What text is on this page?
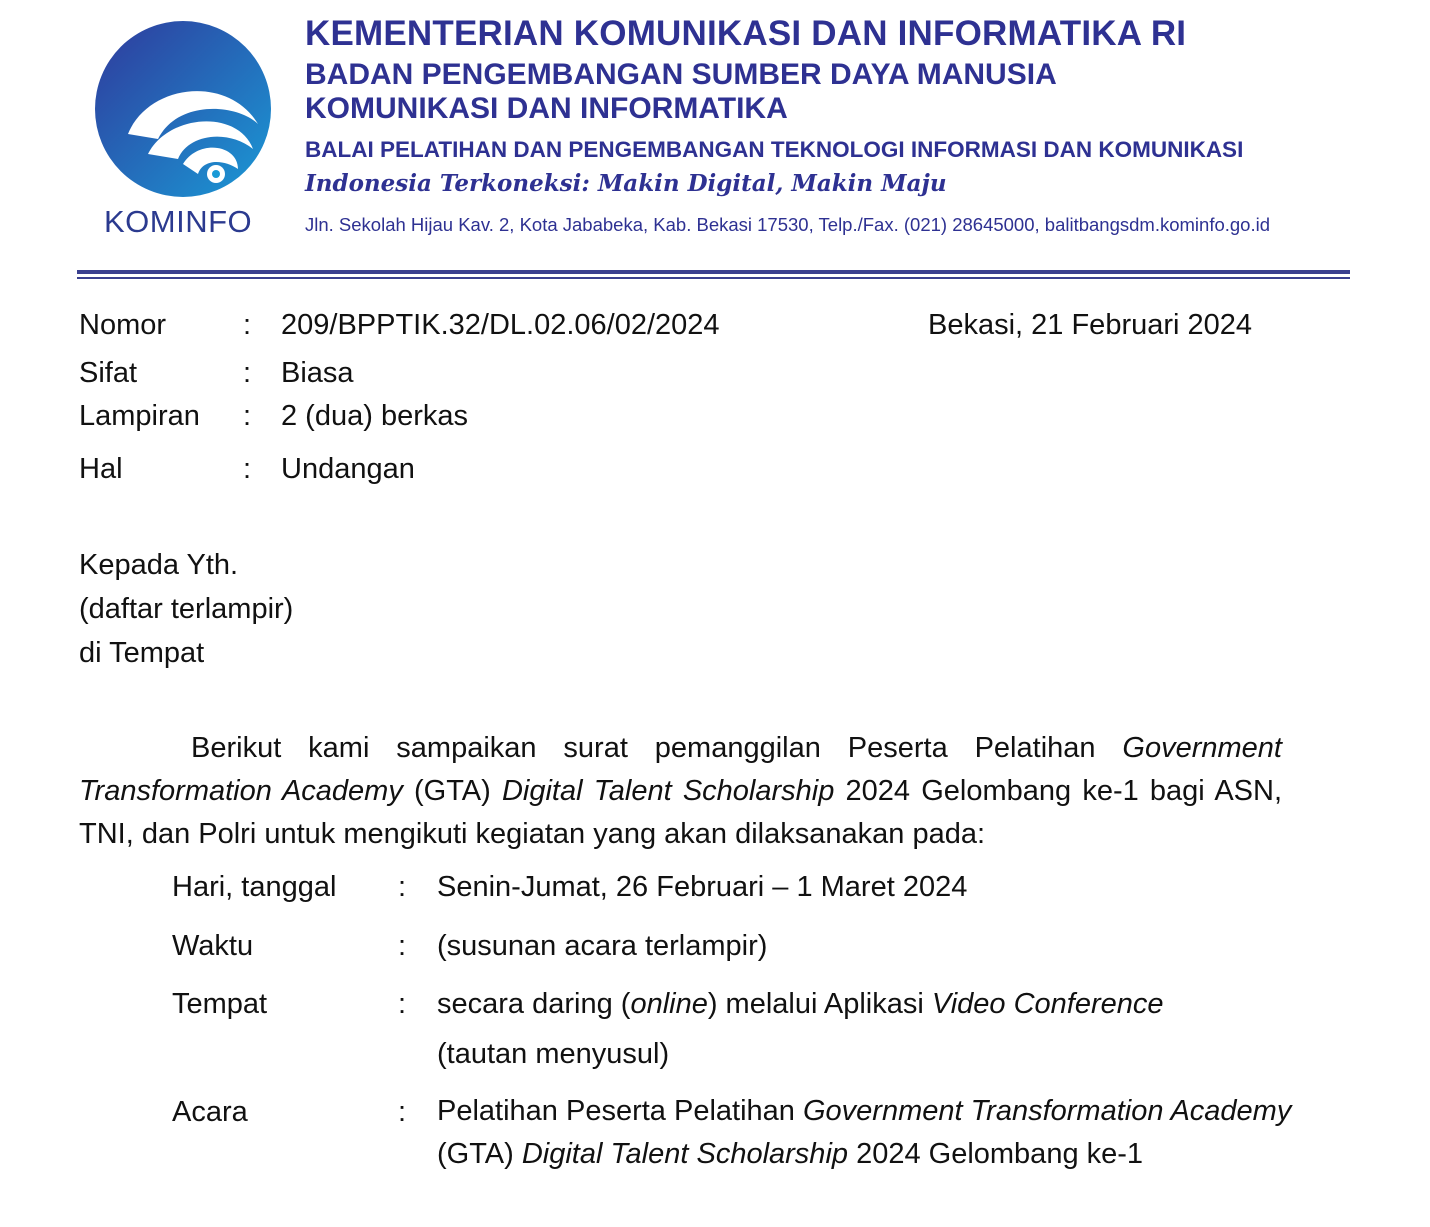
KOMINFO
KEMENTERIAN KOMUNIKASI DAN INFORMATIKA RI
BADAN PENGEMBANGAN SUMBER DAYA MANUSIA
KOMUNIKASI DAN INFORMATIKA
BALAI PELATIHAN DAN PENGEMBANGAN TEKNOLOGI INFORMASI DAN KOMUNIKASI
Indonesia Terkoneksi: Makin Digital, Makin Maju
Jln. Sekolah Hijau Kav. 2, Kota Jababeka, Kab. Bekasi 17530, Telp./Fax. (021) 28645000, balitbangsdm.kominfo.go.id
Nomor	: 209/BPPTIK.32/DL.02.06/02/2024	Bekasi, 21 Februari 2024
Sifat	: Biasa
Lampiran : 2 (dua) berkas
Hal	: Undangan
Kepada Yth.
(daftar terlampir)
di Tempat
Berikut kami sampaikan surat pemanggilan Peserta Pelatihan Government Transformation Academy (GTA) Digital Talent Scholarship 2024 Gelombang ke-1 bagi ASN, TNI, dan Polri untuk mengikuti kegiatan yang akan dilaksanakan pada:
Hari, tanggal : Senin-Jumat, 26 Februari – 1 Maret 2024
Waktu	: (susunan acara terlampir)
Tempat	: secara daring (online) melalui Aplikasi Video Conference
(tautan menyusul)
Acara	: Pelatihan Peserta Pelatihan Government Transformation Academy (GTA) Digital Talent Scholarship 2024 Gelombang ke-1
